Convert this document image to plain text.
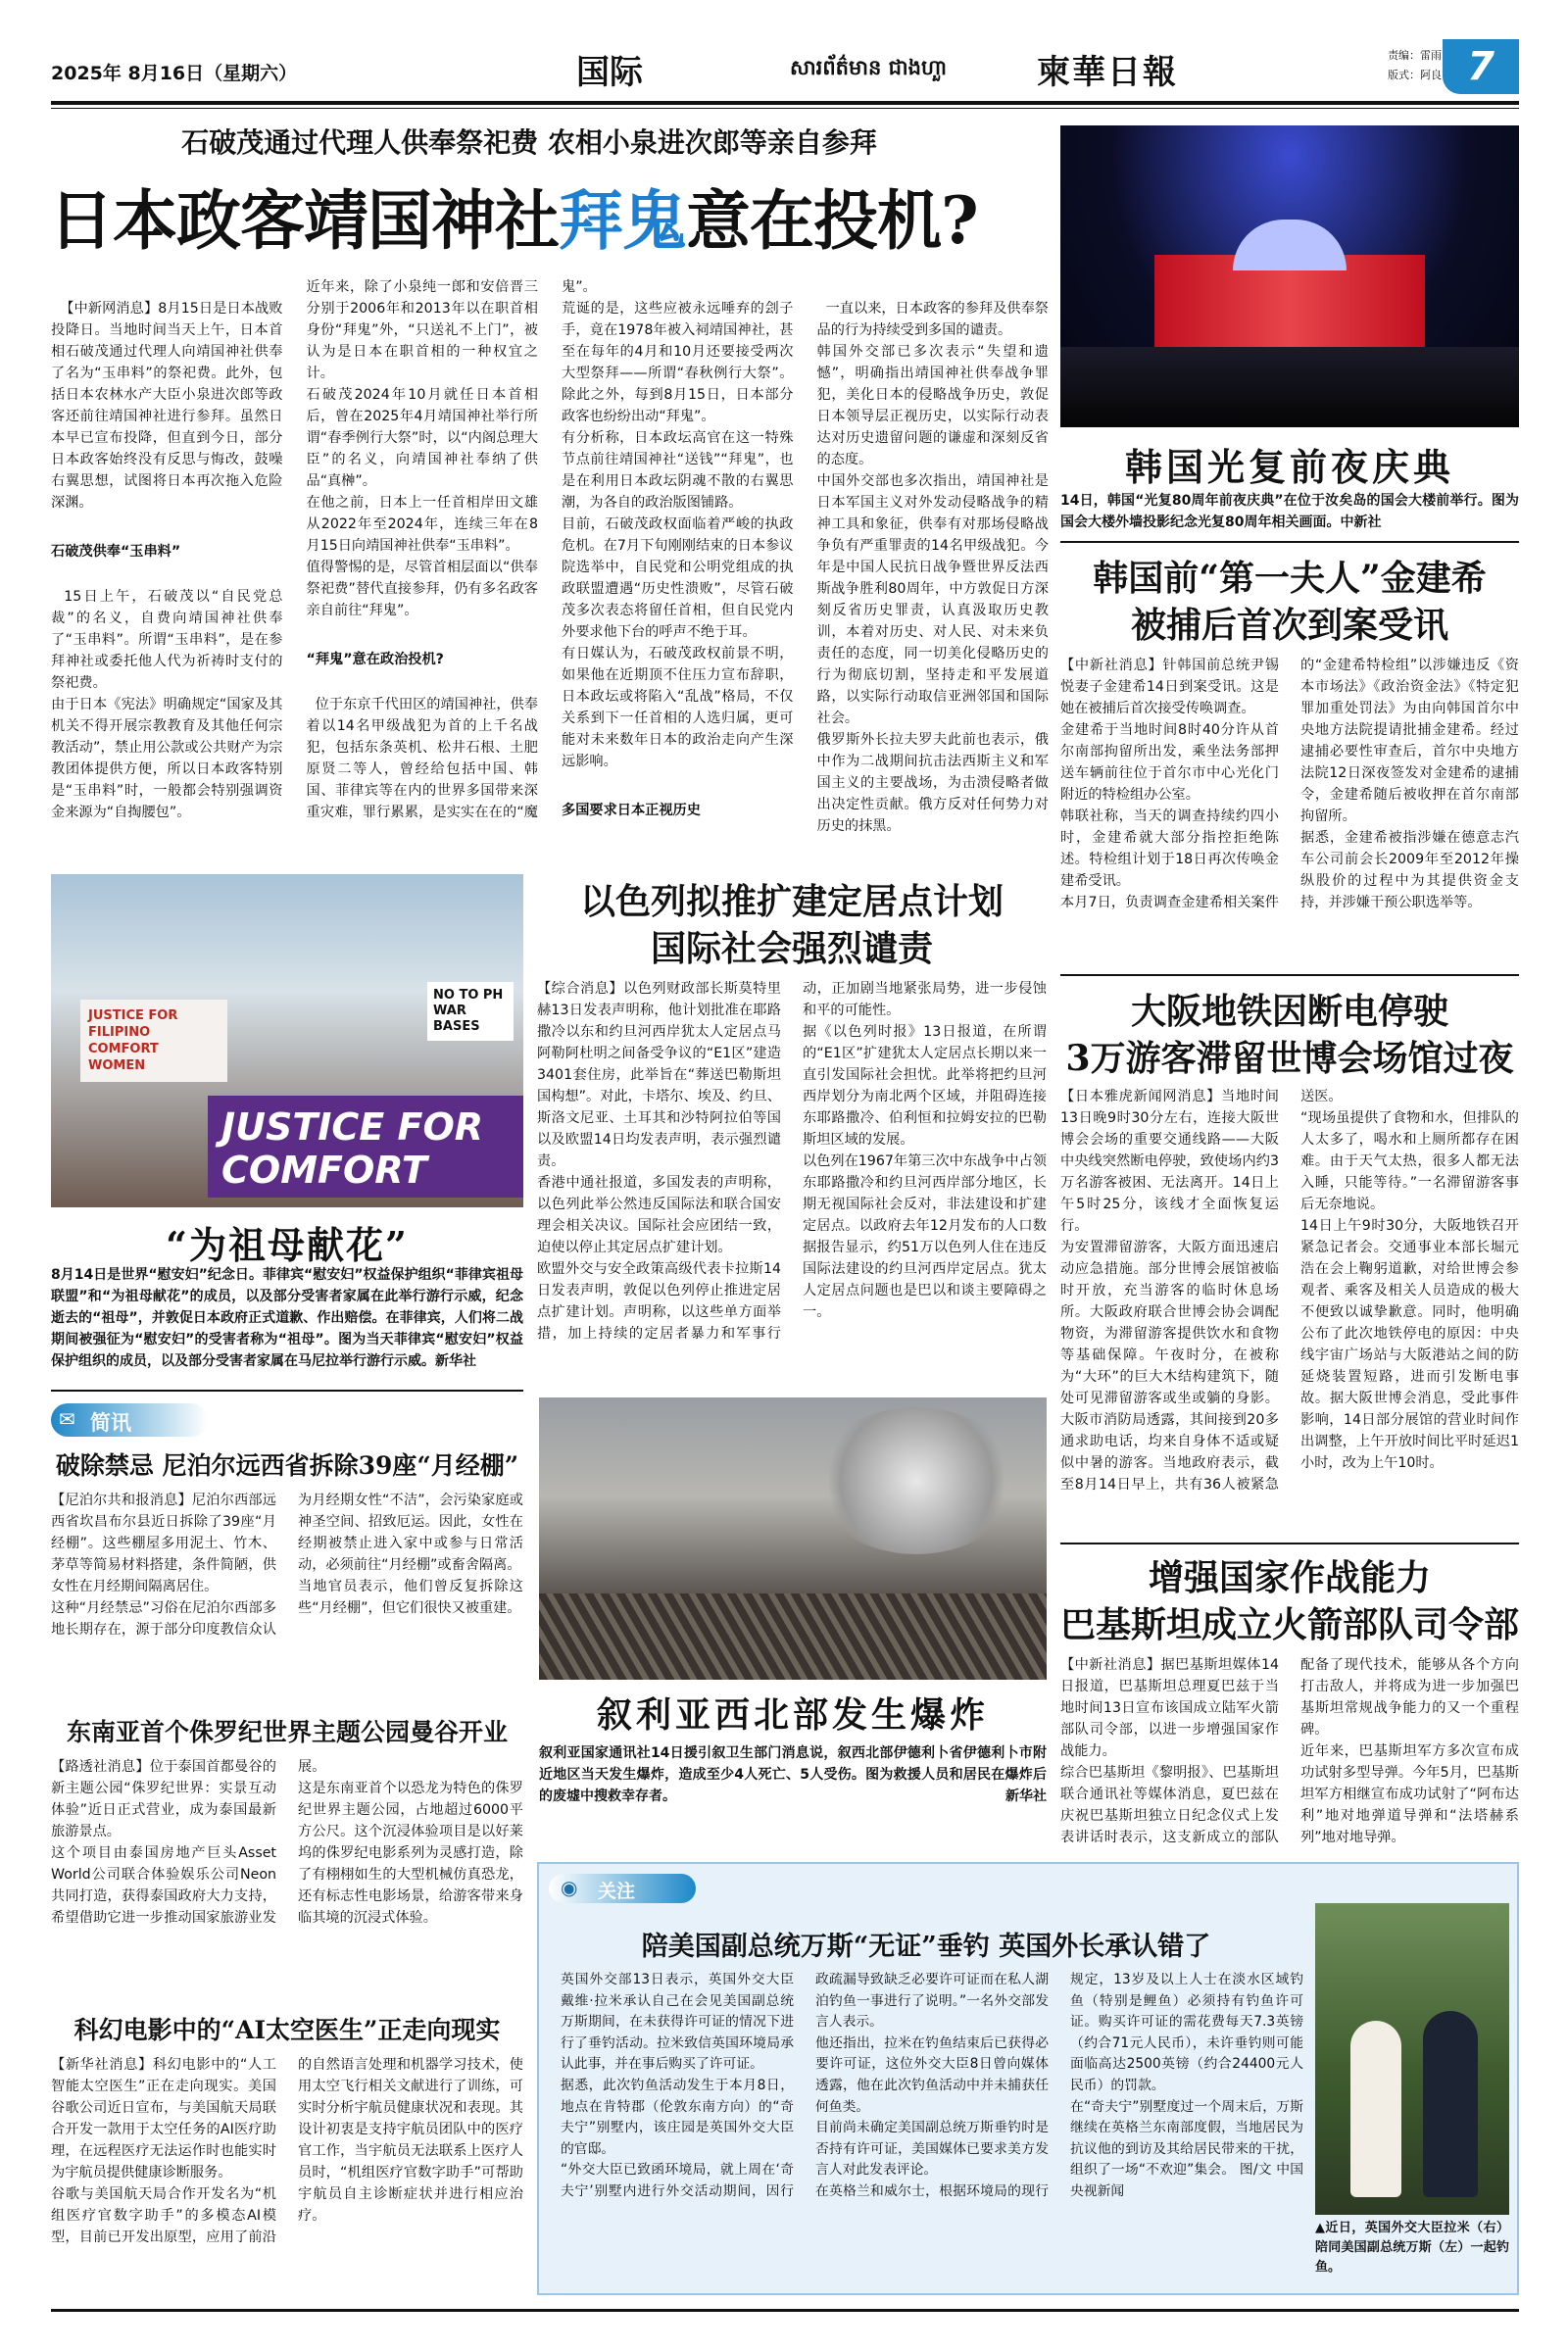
2025年 8月16日（星期六）	国际	សារព័ត៌មាន ជាងហួា	柬華日報	责编：雷雨
版式：阿良 7
石破茂通过代理人供奉祭祀费 农相小泉进次郎等亲自参拜
日本政客靖国神社拜鬼意在投机?

【中新网消息】8月15日是日本战败投降日。当地时间当天上午，日本首相石破茂通过代理人向靖国神社供奉了名为“玉串料”的祭祀费。此外，包括日本农林水产大臣小泉进次郎等政客还前往靖国神社进行参拜。虽然日本早已宣布投降，但直到今日，部分日本政客始终没有反思与悔改，鼓噪右翼思想，试图将日本再次拖入危险深渊。

石破茂供奉“玉串料”

15日上午，石破茂以“自民党总裁”的名义，自费向靖国神社供奉了“玉串料”。所谓“玉串料”，是在参拜神社或委托他人代为祈祷时支付的祭祀费。
由于日本《宪法》明确规定“国家及其机关不得开展宗教教育及其他任何宗教活动”，禁止用公款或公共财产为宗教团体提供方便，所以日本政客特别是“玉串料”时，一般都会特别强调资金来源为“自掏腰包”。
近年来，除了小泉纯一郎和安倍晋三分别于2006年和2013年以在职首相身份“拜鬼”外，“只送礼不上门”，被认为是日本在职首相的一种权宜之计。
石破茂2024年10月就任日本首相后，曾在2025年4月靖国神社举行所谓“春季例行大祭”时，以“内阁总理大臣”的名义，向靖国神社奉纳了供品“真榊”。
在他之前，日本上一任首相岸田文雄从2022年至2024年，连续三年在8月15日向靖国神社供奉“玉串料”。
值得警惕的是，尽管首相层面以“供奉祭祀费”替代直接参拜，仍有多名政客亲自前往“拜鬼”。

“拜鬼”意在政治投机?

位于东京千代田区的靖国神社，供奉着以14名甲级战犯为首的上千名战犯，包括东条英机、松井石根、土肥原贤二等人，曾经给包括中国、韩国、菲律宾等在内的世界多国带来深重灾难，罪行累累，是实实在在的“魔鬼”。
荒诞的是，这些应被永远唾弃的刽子手，竟在1978年被入祠靖国神社，甚至在每年的4月和10月还要接受两次大型祭拜——所谓“春秋例行大祭”。除此之外，每到8月15日，日本部分政客也纷纷出动“拜鬼”。
有分析称，日本政坛高官在这一特殊节点前往靖国神社“送钱”“拜鬼”，也是在利用日本政坛阴魂不散的右翼思潮，为各自的政治版图铺路。
目前，石破茂政权面临着严峻的执政危机。在7月下旬刚刚结束的日本参议院选举中，自民党和公明党组成的执政联盟遭遇“历史性溃败”，尽管石破茂多次表态将留任首相，但自民党内外要求他下台的呼声不绝于耳。
有日媒认为，石破茂政权前景不明，如果他在近期顶不住压力宣布辞职，日本政坛或将陷入“乱战”格局，不仅关系到下一任首相的人选归属，更可能对未来数年日本的政治走向产生深远影响。

多国要求日本正视历史

一直以来，日本政客的参拜及供奉祭品的行为持续受到多国的谴责。
韩国外交部已多次表示“失望和遗憾”，明确指出靖国神社供奉战争罪犯，美化日本的侵略战争历史，敦促日本领导层正视历史，以实际行动表达对历史遗留问题的谦虚和深刻反省的态度。
中国外交部也多次指出，靖国神社是日本军国主义对外发动侵略战争的精神工具和象征，供奉有对那场侵略战争负有严重罪责的14名甲级战犯。今年是中国人民抗日战争暨世界反法西斯战争胜利80周年，中方敦促日方深刻反省历史罪责，认真汲取历史教训，本着对历史、对人民、对未来负责任的态度，同一切美化侵略历史的行为彻底切割，坚持走和平发展道路，以实际行动取信亚洲邻国和国际社会。
俄罗斯外长拉夫罗夫此前也表示，俄中作为二战期间抗击法西斯主义和军国主义的主要战场，为击溃侵略者做出决定性贡献。俄方反对任何势力对历史的抹黑。

韩国光复前夜庆典
14日，韩国“光复80周年前夜庆典”在位于汝矣岛的国会大楼前举行。图为国会大楼外墙投影纪念光复80周年相关画面。中新社
韩国前“第一夫人”金建希
被捕后首次到案受讯
【中新社消息】针韩国前总统尹锡悦妻子金建希14日到案受讯。这是她在被捕后首次接受传唤调查。
金建希于当地时间8时40分许从首尔南部拘留所出发，乘坐法务部押送车辆前往位于首尔市中心光化门附近的特检组办公室。
韩联社称，当天的调查持续约四小时，金建希就大部分指控拒绝陈述。特检组计划于18日再次传唤金建希受讯。
本月7日，负责调查金建希相关案件的“金建希特检组”以涉嫌违反《资本市场法》《政治资金法》《特定犯罪加重处罚法》为由向韩国首尔中央地方法院提请批捕金建希。经过逮捕必要性审查后，首尔中央地方法院12日深夜签发对金建希的逮捕令，金建希随后被收押在首尔南部拘留所。
据悉，金建希被指涉嫌在德意志汽车公司前会长2009年至2012年操纵股价的过程中为其提供资金支持，并涉嫌干预公职选举等。
大阪地铁因断电停驶
3万游客滞留世博会场馆过夜
【日本雅虎新闻网消息】当地时间13日晚9时30分左右，连接大阪世博会会场的重要交通线路——大阪中央线突然断电停驶，致使场内约3万名游客被困、无法离开。14日上午5时25分，该线才全面恢复运行。
为安置滞留游客，大阪方面迅速启动应急措施。部分世博会展馆被临时开放，充当游客的临时休息场所。大阪政府联合世博会协会调配物资，为滞留游客提供饮水和食物等基础保障。午夜时分，在被称为“大环”的巨大木结构建筑下，随处可见滞留游客或坐或躺的身影。大阪市消防局透露，其间接到20多通求助电话，均来自身体不适或疑似中暑的游客。当地政府表示，截至8月14日早上，共有36人被紧急送医。
“现场虽提供了食物和水，但排队的人太多了，喝水和上厕所都存在困难。由于天气太热，很多人都无法入睡，只能等待。”一名滞留游客事后无奈地说。
14日上午9时30分，大阪地铁召开紧急记者会。交通事业本部长堀元浩在会上鞠躬道歉，对给世博会参观者、乘客及相关人员造成的极大不便致以诚挚歉意。同时，他明确公布了此次地铁停电的原因：中央线宇宙广场站与大阪港站之间的防延烧装置短路，进而引发断电事故。据大阪世博会消息，受此事件影响，14日部分展馆的营业时间作出调整，上午开放时间比平时延迟1小时，改为上午10时。
增强国家作战能力
巴基斯坦成立火箭部队司令部
【中新社消息】据巴基斯坦媒体14日报道，巴基斯坦总理夏巴兹于当地时间13日宣布该国成立陆军火箭部队司令部，以进一步增强国家作战能力。
综合巴基斯坦《黎明报》、巴基斯坦联合通讯社等媒体消息，夏巴兹在庆祝巴基斯坦独立日纪念仪式上发表讲话时表示，这支新成立的部队配备了现代技术，能够从各个方向打击敌人，并将成为进一步加强巴基斯坦常规战争能力的又一个重程碑。
近年来，巴基斯坦军方多次宣布成功试射多型导弹。今年5月，巴基斯坦军方相继宣布成功试射了“阿布达利”地对地弹道导弹和“法塔赫系列”地对地导弹。
JUSTICE FOR FILIPINO COMFORT WOMEN
NO TO PH WAR BASES
JUSTICE FOR COMFORT
“为祖母献花”
8月14日是世界“慰安妇”纪念日。菲律宾“慰安妇”权益保护组织“菲律宾祖母联盟”和“为祖母献花”的成员，以及部分受害者家属在此举行游行示威，纪念逝去的“祖母”，并敦促日本政府正式道歉、作出赔偿。在菲律宾，人们将二战期间被强征为“慰安妇”的受害者称为“祖母”。图为当天菲律宾“慰安妇”权益保护组织的成员，以及部分受害者家属在马尼拉举行游行示威。新华社
以色列拟推扩建定居点计划
国际社会强烈谴责
【综合消息】以色列财政部长斯莫特里赫13日发表声明称，他计划批准在耶路撒冷以东和约旦河西岸犹太人定居点马阿勒阿杜明之间备受争议的“E1区”建造3401套住房，此举旨在“葬送巴勒斯坦国构想”。对此，卡塔尔、埃及、约旦、斯洛文尼亚、土耳其和沙特阿拉伯等国以及欧盟14日均发表声明，表示强烈谴责。
香港中通社报道，多国发表的声明称，以色列此举公然违反国际法和联合国安理会相关决议。国际社会应团结一致，迫使以停止其定居点扩建计划。
欧盟外交与安全政策高级代表卡拉斯14日发表声明，敦促以色列停止推进定居点扩建计划。声明称，以这些单方面举措，加上持续的定居者暴力和军事行动，正加剧当地紧张局势，进一步侵蚀和平的可能性。
据《以色列时报》13日报道，在所谓的“E1区”扩建犹太人定居点长期以来一直引发国际社会担忧。此举将把约旦河西岸划分为南北两个区域，并阻碍连接东耶路撒冷、伯利恒和拉姆安拉的巴勒斯坦区域的发展。
以色列在1967年第三次中东战争中占领东耶路撒冷和约旦河西岸部分地区，长期无视国际社会反对，非法建设和扩建定居点。以政府去年12月发布的人口数据报告显示，约51万以色列人住在违反国际法建设的约旦河西岸定居点。犹太人定居点问题也是巴以和谈主要障碍之一。
叙利亚西北部发生爆炸
叙利亚国家通讯社14日援引叙卫生部门消息说，叙西北部伊德利卜省伊德利卜市附近地区当天发生爆炸，造成至少4人死亡、5人受伤。图为救援人员和居民在爆炸后的废墟中搜救幸存者。	新华社
✉ 简讯
破除禁忌 尼泊尔远西省拆除39座“月经棚”
【尼泊尔共和报消息】尼泊尔西部远西省坎昌布尔县近日拆除了39座“月经棚”。这些棚屋多用泥土、竹木、茅草等简易材料搭建，条件简陋，供女性在月经期间隔离居住。
这种“月经禁忌”习俗在尼泊尔西部多地长期存在，源于部分印度教信众认为月经期女性“不洁”，会污染家庭或神圣空间、招致厄运。因此，女性在经期被禁止进入家中或参与日常活动，必须前往“月经棚”或畜舍隔离。
当地官员表示，他们曾反复拆除这些“月经棚”，但它们很快又被重建。
东南亚首个侏罗纪世界主题公园曼谷开业
【路透社消息】位于泰国首都曼谷的新主题公园“侏罗纪世界：实景互动体验”近日正式营业，成为泰国最新旅游景点。
这个项目由泰国房地产巨头Asset World公司联合体验娱乐公司Neon共同打造，获得泰国政府大力支持，希望借助它进一步推动国家旅游业发展。
这是东南亚首个以恐龙为特色的侏罗纪世界主题公园，占地超过6000平方公尺。这个沉浸体验项目是以好莱坞的侏罗纪电影系列为灵感打造，除了有栩栩如生的大型机械仿真恐龙，还有标志性电影场景，给游客带来身临其境的沉浸式体验。
科幻电影中的“AI太空医生”正走向现实
【新华社消息】科幻电影中的“人工智能太空医生”正在走向现实。美国谷歌公司近日宣布，与美国航天局联合开发一款用于太空任务的AI医疗助理，在远程医疗无法运作时也能实时为宇航员提供健康诊断服务。
谷歌与美国航天局合作开发名为“机组医疗官数字助手”的多模态AI模型，目前已开发出原型，应用了前沿的自然语言处理和机器学习技术，使用太空飞行相关文献进行了训练，可实时分析宇航员健康状况和表现。其设计初衷是支持宇航员团队中的医疗官工作，当宇航员无法联系上医疗人员时，“机组医疗官数字助手”可帮助宇航员自主诊断症状并进行相应治疗。
◉ 关注
陪美国副总统万斯“无证”垂钓 英国外长承认错了
英国外交部13日表示，英国外交大臣戴维·拉米承认自己在会见美国副总统万斯期间，在未获得许可证的情况下进行了垂钓活动。拉米致信英国环境局承认此事，并在事后购买了许可证。
据悉，此次钓鱼活动发生于本月8日，地点在肯特郡（伦敦东南方向）的“奇夫宁”别墅内，该庄园是英国外交大臣的官邸。
“外交大臣已致函环境局，就上周在‘奇夫宁’别墅内进行外交活动期间，因行政疏漏导致缺乏必要许可证而在私人湖泊钓鱼一事进行了说明。”一名外交部发言人表示。
他还指出，拉米在钓鱼结束后已获得必要许可证，这位外交大臣8日曾向媒体透露，他在此次钓鱼活动中并未捕获任何鱼类。
目前尚未确定美国副总统万斯垂钓时是否持有许可证，美国媒体已要求美方发言人对此发表评论。
在英格兰和威尔士，根据环境局的现行规定，13岁及以上人士在淡水区域钓鱼（特别是鲤鱼）必须持有钓鱼许可证。购买许可证的需花费每天7.3英镑（约合71元人民币），未许垂钓则可能面临高达2500英镑（约合24400元人民币）的罚款。
在“奇夫宁”别墅度过一个周末后，万斯继续在英格兰东南部度假，当地居民为抗议他的到访及其给居民带来的干扰，组织了一场“不欢迎”集会。 图/文 中国央视新闻
▲近日，英国外交大臣拉米（右）陪同美国副总统万斯（左）一起钓鱼。
